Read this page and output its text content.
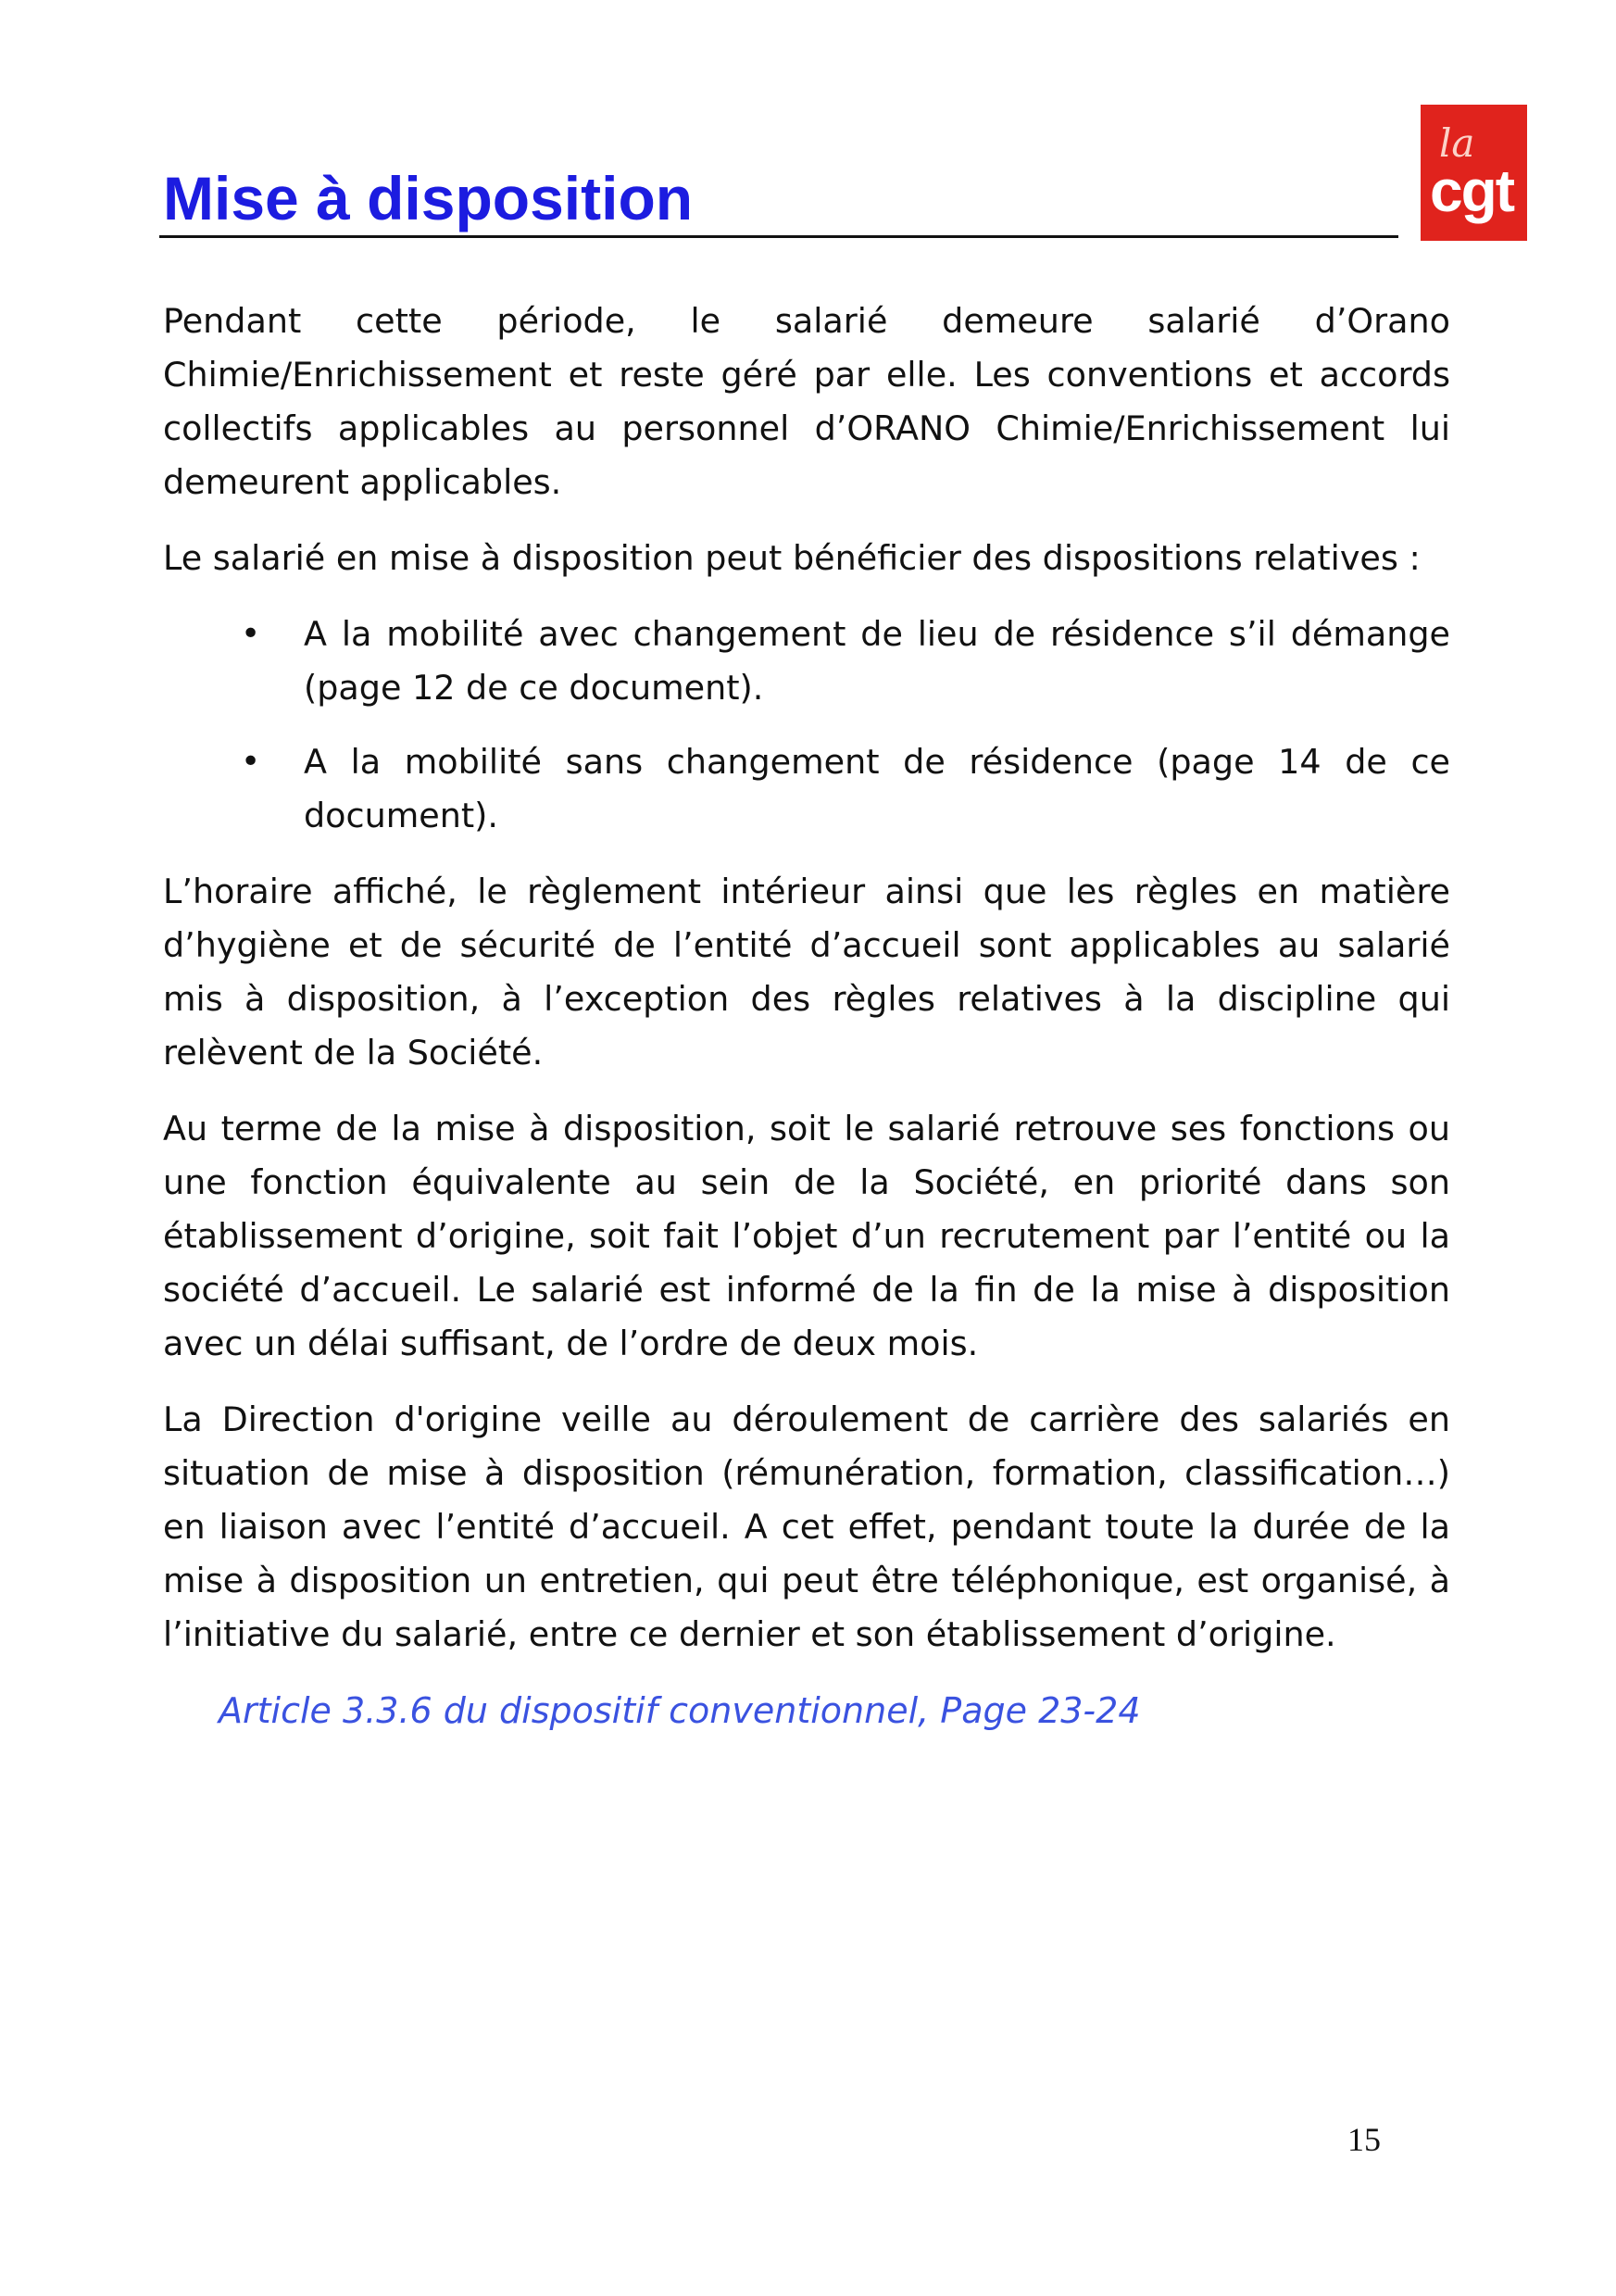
Mise à disposition
la
cgt

Pendant cette période, le salarié demeure salarié d’Orano Chimie/Enrichissement et reste géré par elle. Les conventions et accords collectifs applicables au personnel d’ORANO Chimie/Enrichissement lui demeurent applicables.

Le salarié en mise à disposition peut bénéficier des dispositions relatives :

• A la mobilité avec changement de lieu de résidence s’il démange (page 12 de ce document).
• A la mobilité sans changement de résidence (page 14 de ce document).

L’horaire affiché, le règlement intérieur ainsi que les règles en matière d’hygiène et de sécurité de l’entité d’accueil sont applicables au salarié mis à disposition, à l’exception des règles relatives à la discipline qui relèvent de la Société.

Au terme de la mise à disposition, soit le salarié retrouve ses fonctions ou une fonction équivalente au sein de la Société, en priorité dans son établissement d’origine, soit fait l’objet d’un recrutement par l’entité ou la société d’accueil. Le salarié est informé de la fin de la mise à disposition avec un délai suffisant, de l’ordre de deux mois.

La Direction d'origine veille au déroulement de carrière des salariés en situation de mise à disposition (rémunération, formation, classification…) en liaison avec l’entité d’accueil. A cet effet, pendant toute la durée de la mise à disposition un entretien, qui peut être téléphonique, est organisé, à l’initiative du salarié, entre ce dernier et son établissement d’origine.

Article 3.3.6 du dispositif conventionnel, Page 23-24

15
